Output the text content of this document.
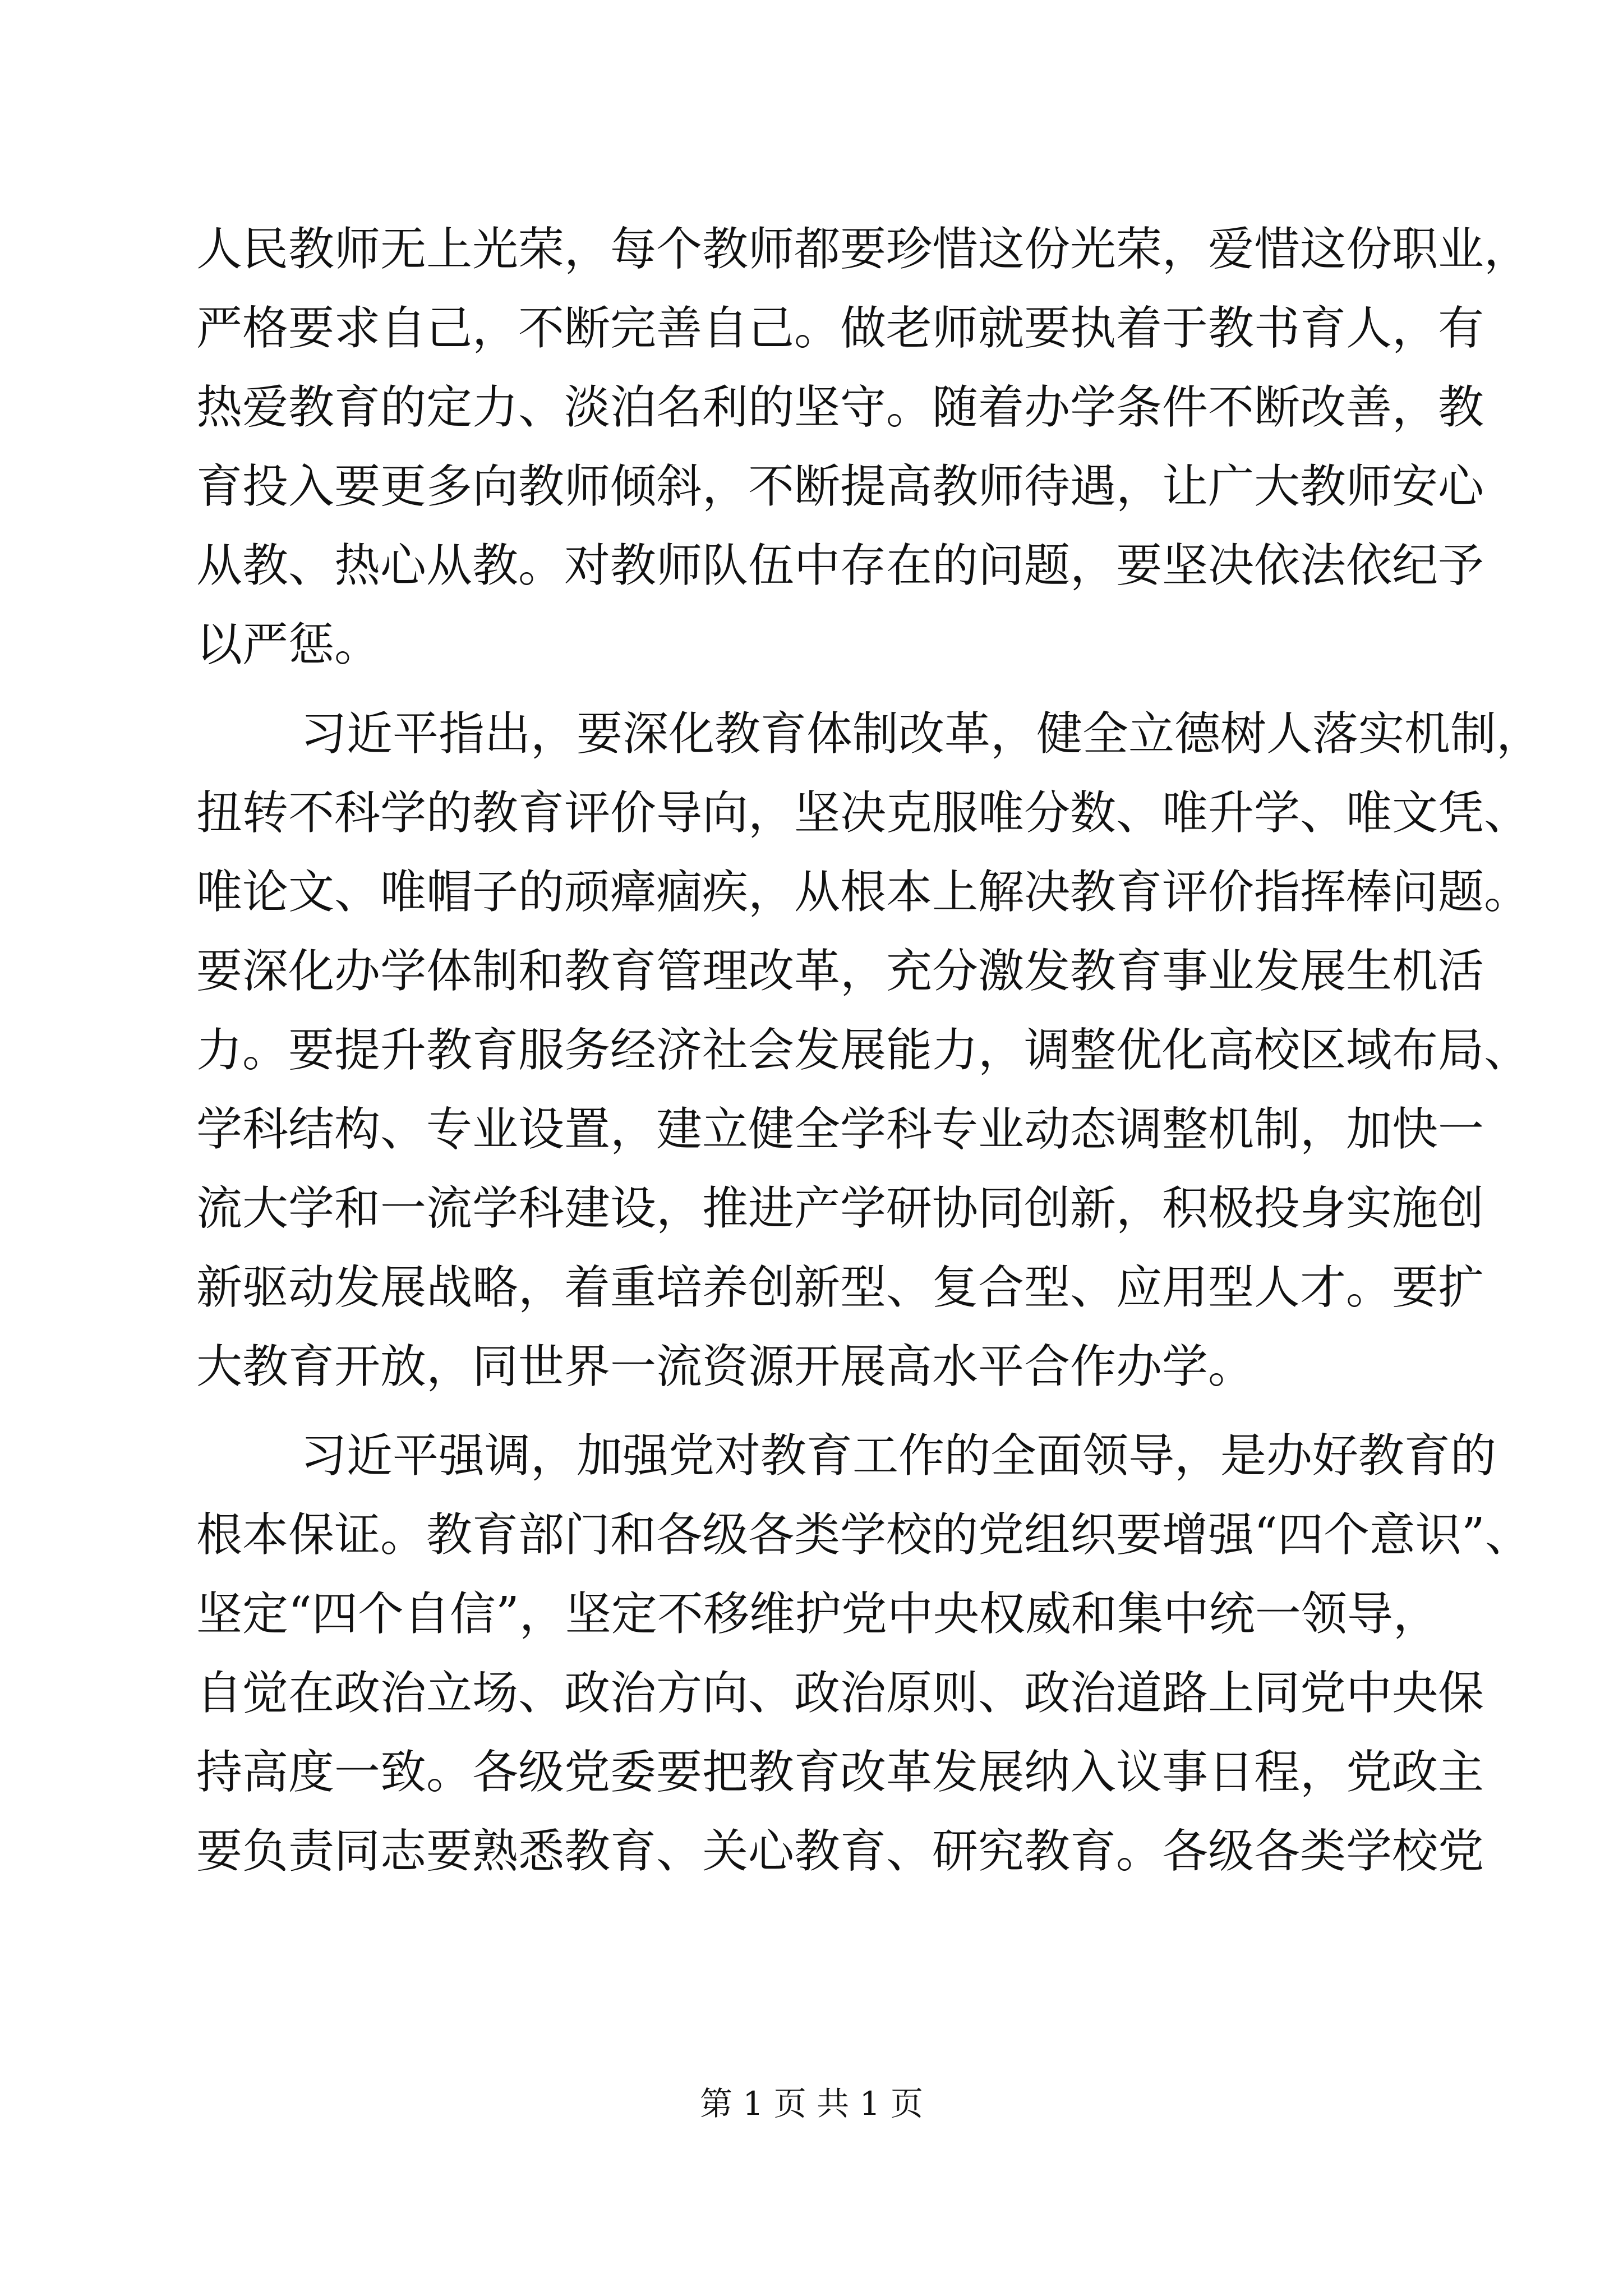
人民教师无上光荣，每个教师都要珍惜这份光荣，爱惜这份职业，
严格要求自己，不断完善自己。做老师就要执着于教书育人，有
热爱教育的定力、淡泊名利的坚守。随着办学条件不断改善，教
育投入要更多向教师倾斜，不断提高教师待遇，让广大教师安心
从教、热心从教。对教师队伍中存在的问题，要坚决依法依纪予
以严惩。
习近平指出，要深化教育体制改革，健全立德树人落实机制，
扭转不科学的教育评价导向，坚决克服唯分数、唯升学、唯文凭、
唯论文、唯帽子的顽瘴痼疾，从根本上解决教育评价指挥棒问题。
要深化办学体制和教育管理改革，充分激发教育事业发展生机活
力。要提升教育服务经济社会发展能力，调整优化高校区域布局、
学科结构、专业设置，建立健全学科专业动态调整机制，加快一
流大学和一流学科建设，推进产学研协同创新，积极投身实施创
新驱动发展战略，着重培养创新型、复合型、应用型人才。要扩
大教育开放，同世界一流资源开展高水平合作办学。
习近平强调，加强党对教育工作的全面领导，是办好教育的
根本保证。教育部门和各级各类学校的党组织要增强“四个意识”、
坚定“四个自信”，坚定不移维护党中央权威和集中统一领导，
自觉在政治立场、政治方向、政治原则、政治道路上同党中央保
持高度一致。各级党委要把教育改革发展纳入议事日程，党政主
要负责同志要熟悉教育、关心教育、研究教育。各级各类学校党
第 1 页 共 1 页
